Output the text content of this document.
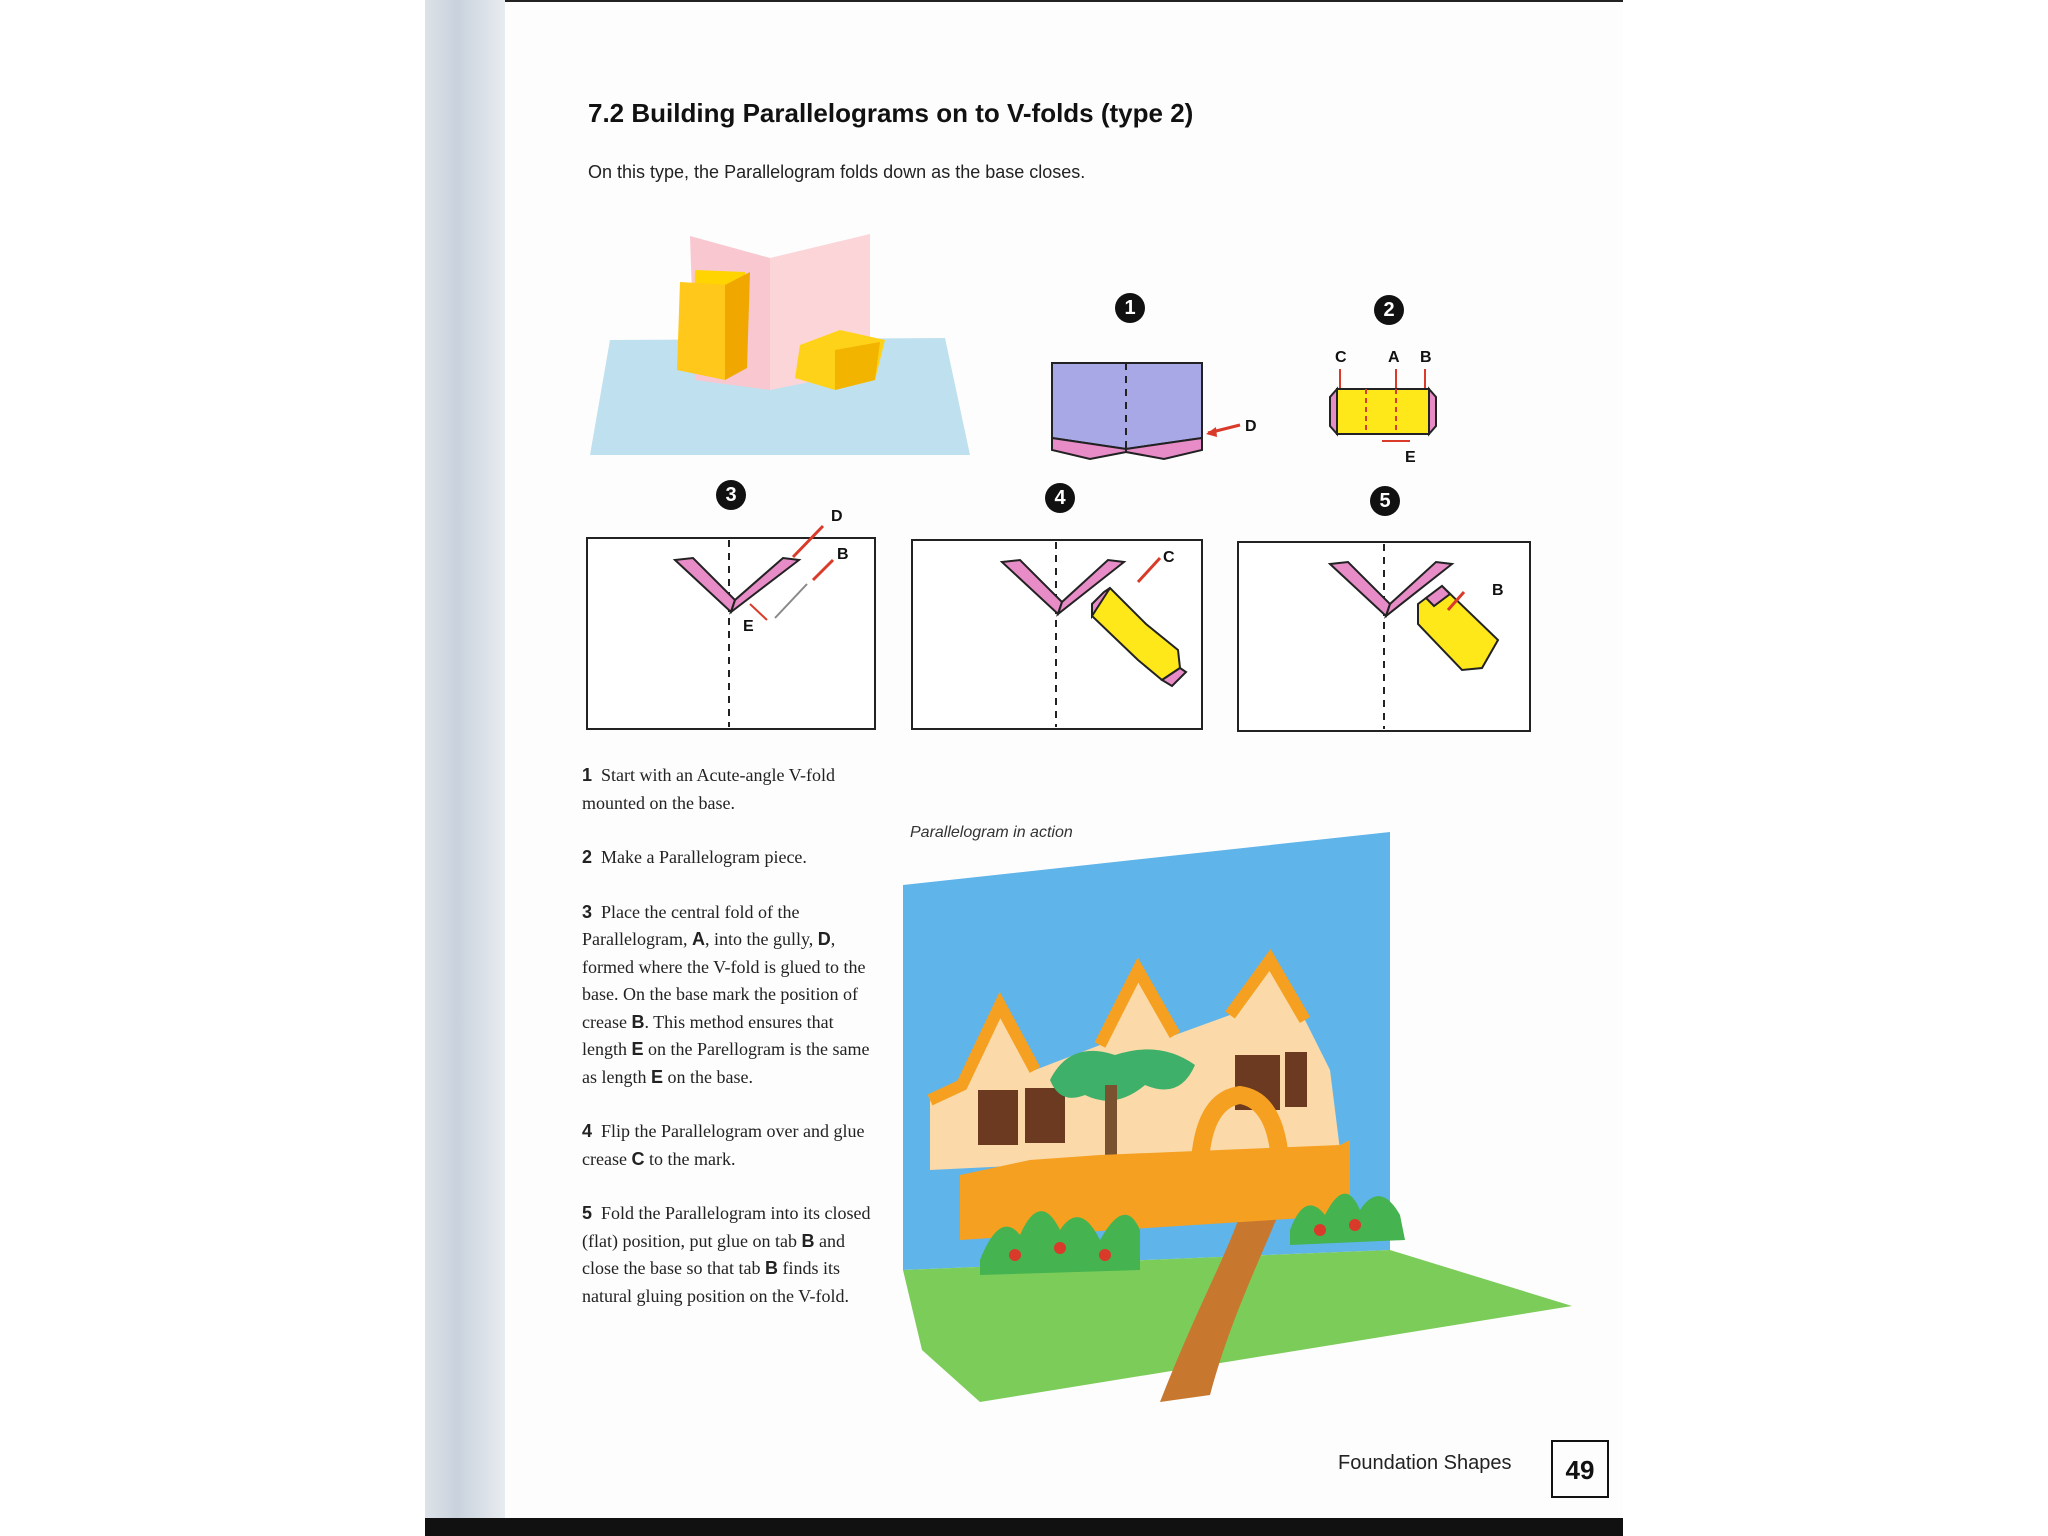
7.2 Building Parallelograms on to V-folds (type 2)
On this type, the Parallelogram folds down as the base closes.
1	2
3	4	5
D
C	A B
E
D
B
E
C
B

1 Start with an Acute-angle V-fold mounted on the base.

2 Make a Parallelogram piece.

3 Place the central fold of the Parallelogram, A, into the gully, D, formed where the V-fold is glued to the base. On the base mark the position of crease B. This method ensures that length E on the Parellogram is the same as length E on the base.

4 Flip the Parallelogram over and glue crease C to the mark.

5 Fold the Parallelogram into its closed (flat) position, put glue on tab B and close the base so that tab B finds its natural gluing position on the V-fold.

Parallelogram in action
Foundation Shapes	49
